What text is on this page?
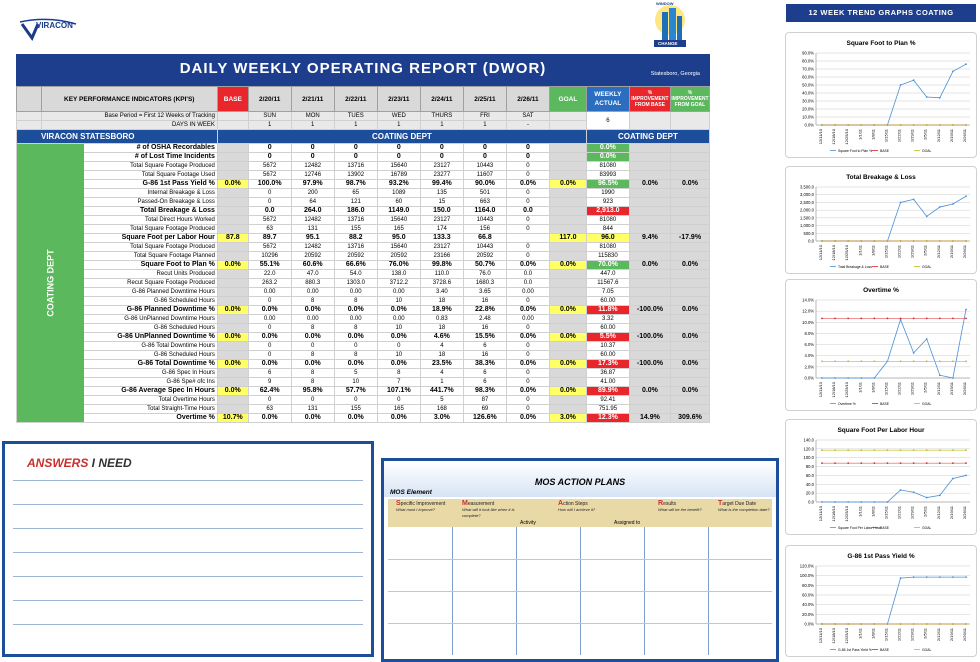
VIRACON
WINDOW
CHANGE
DAILY WEEKLY OPERATING REPORT (DWOR)	Statesboro, Georgia
	KEY PERFORMANCE INDICATORS (KPI'S)	BASE	2/20/11	2/21/11	2/22/11	2/23/11	2/24/11	2/25/11	2/26/11	GOAL	WEEKLY ACTUAL	% IMPROVEMENT FROM BASE	% IMPROVEMENT FROM GOAL
	Base Period = First 12 Weeks of Tracking		SUN	MON	TUES	WED	THURS	FRI	SAT		6		
	DAYS IN WEEK		1	1	1	1	1	1	-				
VIRACON STATESBORO		COATING DEPT									COATING DEPT		

COATING DEPT	# of OSHA Recordables		0	0	0	0	0	0	0		0.0%		
	# of Lost Time Incidents		0	0	0	0	0	0	0		0.0%		
	Total Square Footage Produced		5672	12482	13716	15640	23127	10443	0		81080		
	Total Square Footage Used		5672	12746	13902	16789	23277	11607	0		83993		
	G-86 1st Pass Yield %	0.0%	100.0%	97.9%	98.7%	93.2%	99.4%	90.0%	0.0%	0.0%	96.5%	0.0%	0.0%
	Internal Breakage & Loss		0	200	65	1089	135	501	0		1990		
	Passed-On Breakage & Loss		0	64	121	60	15	663	0		923		
	Total Breakage & Loss		0.0	264.0	186.0	1149.0	150.0	1164.0	0.0		2,913.0		
	Total Direct Hours Worked		5672	12482	13716	15640	23127	10443	0		81080		
	Total Square Footage Produced		63	131	155	165	174	156	0		844		
	Square Foot per Labor Hour	87.8	89.7	95.1	88.2	95.0	133.3	66.8		117.0	96.0	9.4%	-17.9%
	Total Square Footage Produced		5672	12482	13716	15640	23127	10443	0		81080		
	Total Square Footage Planned		10296	20592	20592	20592	23166	20592	0		115830		
	Square Foot to Plan %	0.0%	55.1%	60.6%	66.6%	76.0%	99.8%	50.7%	0.0%	0.0%	70.0%	0.0%	0.0%
	Recut Units Produced		22.0	47.0	54.0	138.0	110.0	76.0	0.0		447.0		
	Recut Square Footage Produced		263.2	880.3	1303.0	3712.2	3728.6	1680.3	0.0		11567.6		
	G-86 Planned Downtime Hours		0.00	0.00	0.00	0.00	3.40	3.65	0.00		7.05		
	G-86 Scheduled Hours		0	8	8	10	18	16	0		60.00		
	G-86 Planned Downtime %	0.0%	0.0%	0.0%	0.0%	0.0%	18.9%	22.8%	0.0%	0.0%	11.8%	-100.0%	0.0%
	G-86 UnPlanned Downtime Hours		0.00	0.00	0.00	0.00	0.83	2.48	0.00		3.32		
	G-86 Scheduled Hours		0	8	8	10	18	16	0		60.00		
	G-86 UnPlanned Downtime %	0.0%	0.0%	0.0%	0.0%	0.0%	4.6%	15.5%	0.0%	0.0%	5.5%	-100.0%	0.0%
	G-86 Total Downtime Hours		0	0	0	0	4	6	0		10.37		
	G-86 Scheduled Hours		0	8	8	10	18	16	0		60.00		
	G-86 Total Downtime %	0.0%	0.0%	0.0%	0.0%	0.0%	23.5%	38.3%	0.0%	0.0%	17.3%	-100.0%	0.0%
	G-86 Spec In Hours		6	8	5	8	4	6	0		36.87		
	G-86 Spe# ofc Ins		9	8	10	7	1	6	0		41.00		
	G-86 Average Spec In Hours	0.0%	62.4%	95.8%	57.7%	107.1%	441.7%	98.3%	0.0%	0.0%	89.9%	0.0%	0.0%
	Total Overtime Hours		0	0	0	0	5	87	0		92.41		
	Total Straight-Time Hours		63	131	155	165	168	69	0		751.95		
	Overtime %	10.7%	0.0%	0.0%	0.0%	0.0%	3.0%	126.6%	0.0%	3.0%	12.3%	14.9%	309.6%
ANSWERS I NEED
MOS ACTION PLANS
MOS Element
Specific Improvement
What must I improve?
Measurement
What will it look like when it is complete?
Action Steps
How will I achieve it?
Results
What will be the benefit?
Target Due Date
What is the completion date?
Activity	Assigned to
12 WEEK TREND GRAPHS COATING
Square Foot to Plan %
0.0%
10.0%
20.0%
30.0%
40.0%
50.0%
60.0%
70.0%
80.0%
90.0%
12/11/10 12/18/10 12/25/10 1/1/11 1/8/11 1/15/11 1/22/11 1/29/11 2/5/11 2/12/11 2/19/11 2/26/11
Square Foot to Plan % BASE	GOAL
Total Breakage & Loss
0.0
500.0
1,000.0
1,500.0
2,000.0
2,500.0
3,000.0
3,500.0
12/11/10 12/18/10 12/25/10 1/1/11 1/8/11 1/15/11 1/22/11 1/29/11 2/5/11 2/12/11 2/19/11 2/26/11
Total Breakage & Loss BASE	GOAL
Overtime %
0.0%
2.0%
4.0%
6.0%
8.0%
10.0%
12.0%
14.0%
12/11/10 12/18/10 12/25/10 1/1/11 1/8/11 1/15/11 1/22/11 1/29/11 2/5/11 2/12/11 2/19/11 2/26/11
Overtime %	BASE	GOAL
Square Foot Per Labor Hour
0.0
20.0
40.0
60.0
80.0
100.0
120.0
140.0
12/11/10 12/18/10 12/25/10 1/1/11 1/8/11 1/15/11 1/22/11 1/29/11 2/5/11 2/12/11 2/19/11 2/26/11
Square Foot Per Labor Hour BASE	GOAL
G-86 1st Pass Yield %
0.0%
20.0%
40.0%
60.0%
80.0%
100.0%
120.0%
12/11/10 12/18/10 12/25/10 1/1/11 1/8/11 1/15/11 1/22/11 1/29/11 2/5/11 2/12/11 2/19/11 2/26/11
G-86 1st Pass Yield % BASE	GOAL
